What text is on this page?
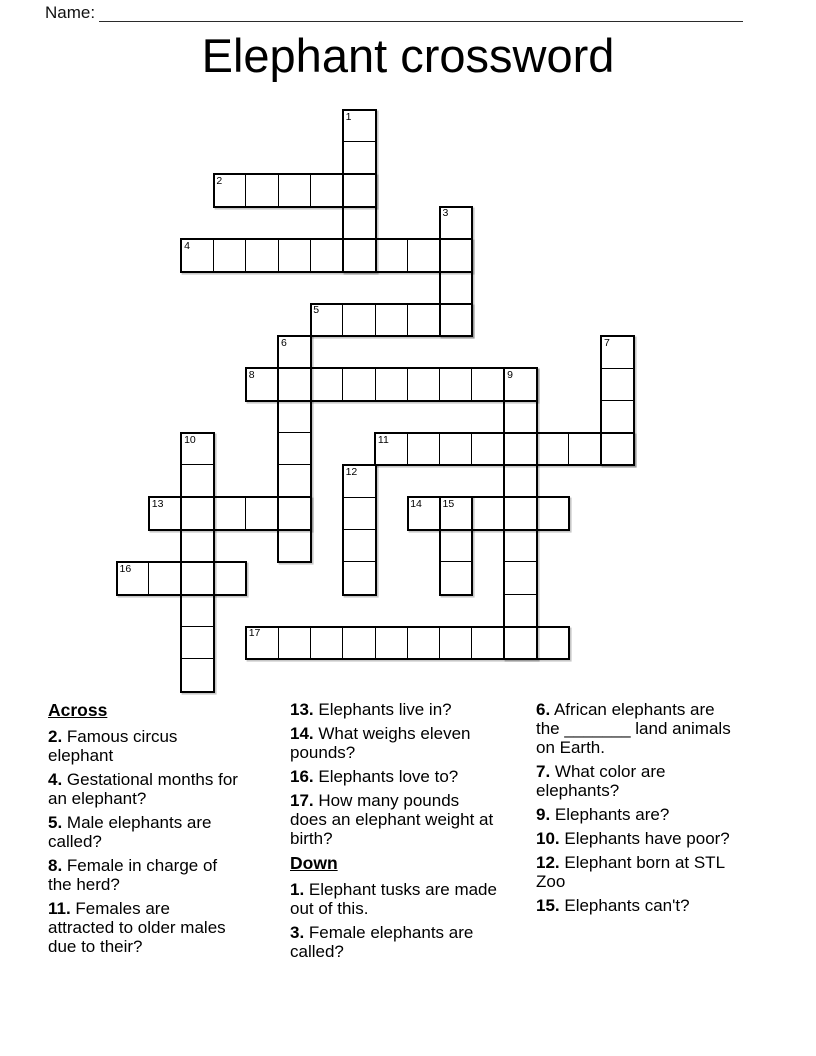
Name:
Elephant crossword
1
2
3
4
5
6	7
8	9
10	11
12
13	14 15
16
17

Across

2. Famous circus elephant

4. Gestational months for an elephant?

5. Male elephants are called?

8. Female in charge of the herd?

11. Females are attracted to older males due to their?

13. Elephants live in?

14. What weighs eleven pounds?

16. Elephants love to?

17. How many pounds does an elephant weight at birth?

Down

1. Elephant tusks are made out of this.

3. Female elephants are called?

6. African elephants are the _______ land animals on Earth.

7. What color are elephants?

9. Elephants are?

10. Elephants have poor?

12. Elephant born at STL Zoo

15. Elephants can't?
